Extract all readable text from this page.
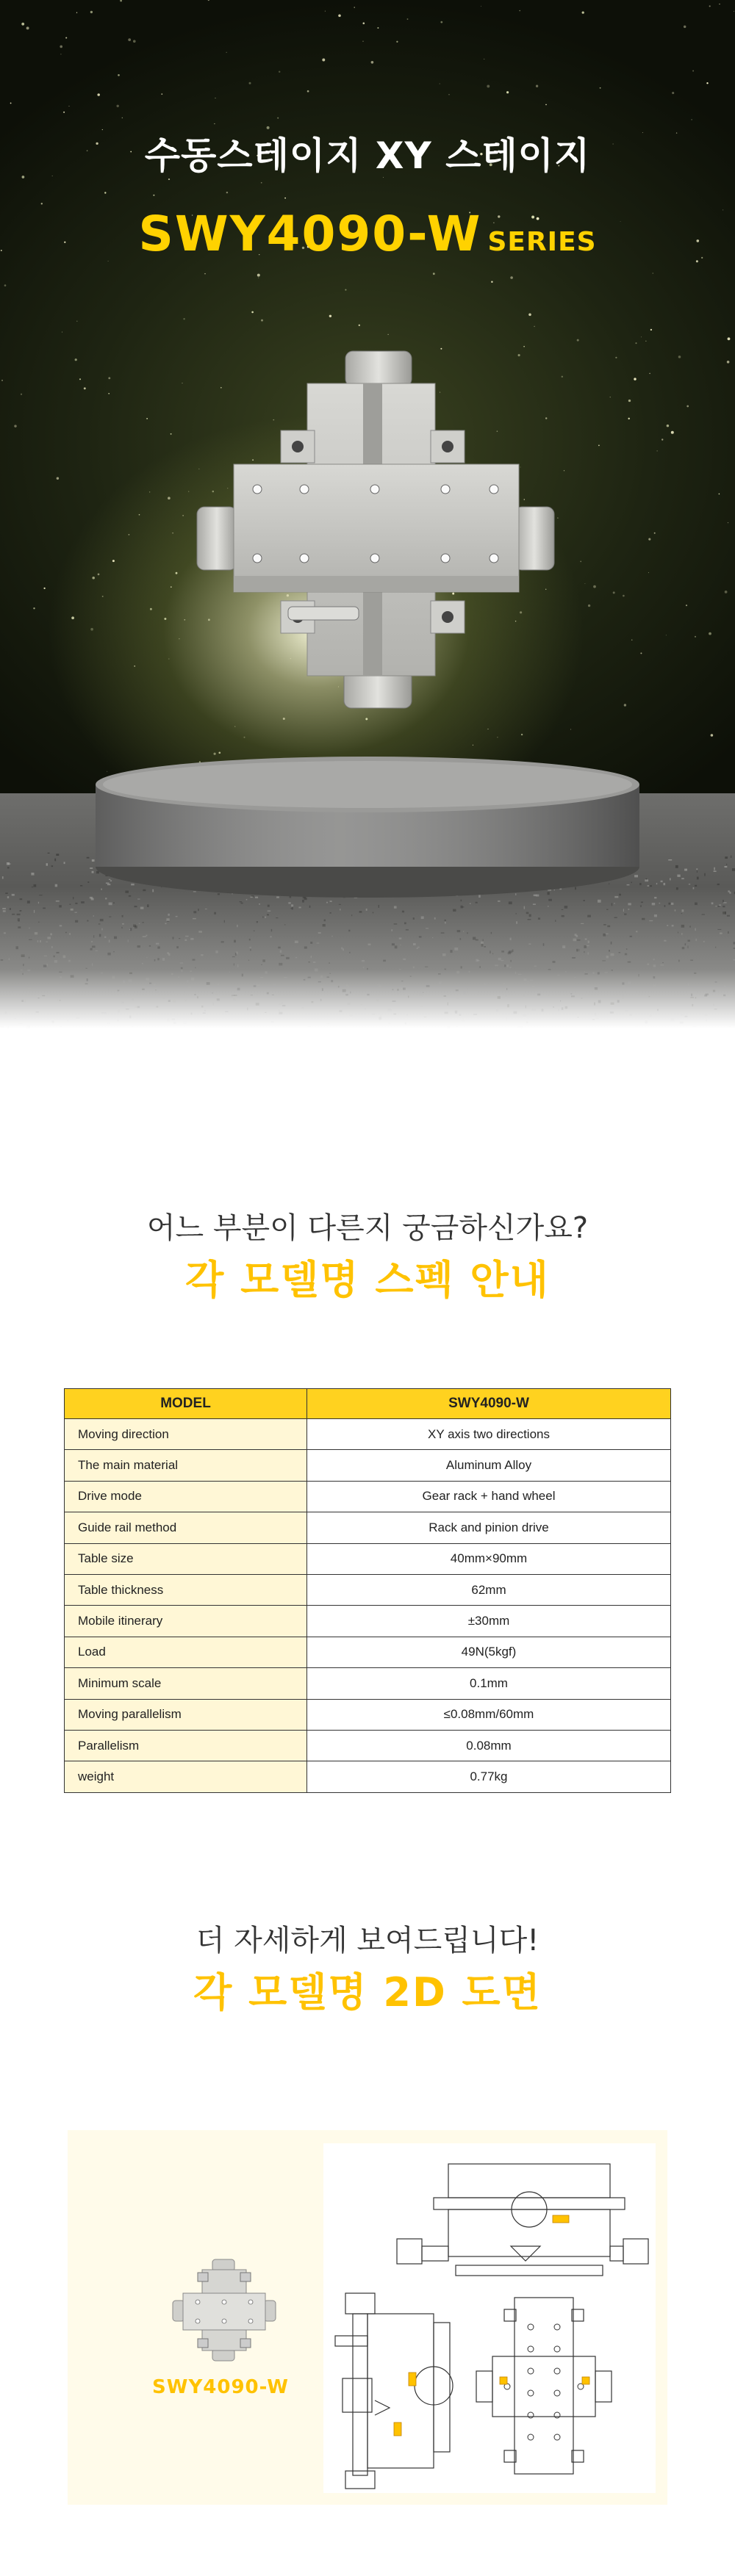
수동스테이지 XY 스테이지
SWY4090-W SERIES
어느 부분이 다른지 궁금하신가요?
각 모델명 스펙 안내
MODEL	SWY4090-W
Moving direction	XY axis two directions
The main material	Aluminum Alloy
Drive mode	Gear rack + hand wheel
Guide rail method	Rack and pinion drive
Table size	40mm×90mm
Table thickness	62mm
Mobile itinerary	±30mm
Load	49N(5kgf)
Minimum scale	0.1mm
Moving parallelism	≤0.08mm/60mm
Parallelism	0.08mm
weight	0.77kg
더 자세하게 보여드립니다!
각 모델명 2D 도면
SWY4090-W
